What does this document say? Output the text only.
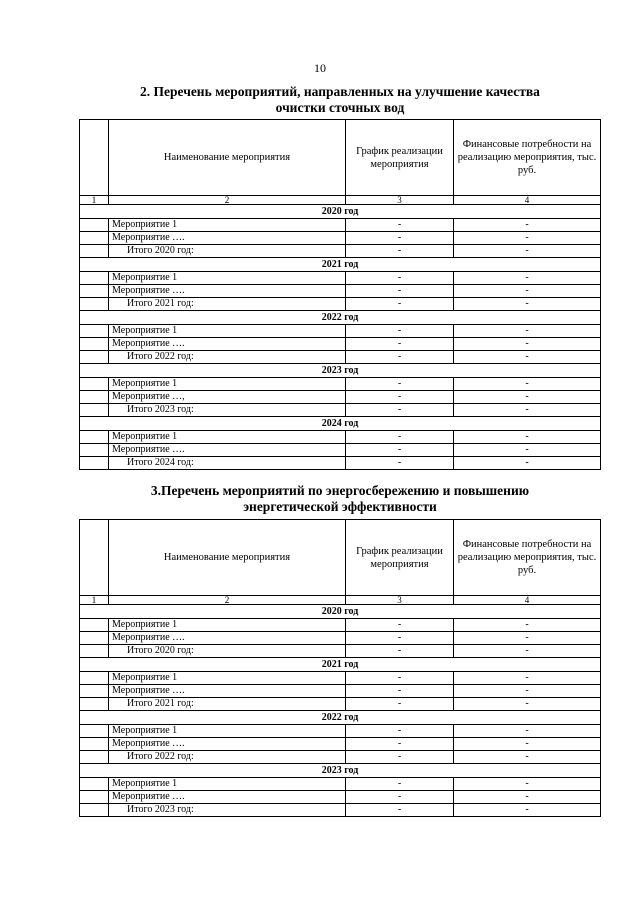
10
2. Перечень мероприятий, направленных на улучшение качества
очистки сточных вод
	Наименование мероприятия	График реализации мероприятия	Финансовые потребности на реализацию мероприятия, тыс. руб.
1	2	3	4
2020 год			
	Мероприятие 1	-	-
	Мероприятие ….	-	-
	Итого 2020 год:	-	-
2021 год			
	Мероприятие 1	-	-
	Мероприятие ….	-	-
	Итого 2021 год:	-	-
2022 год			
	Мероприятие 1	-	-
	Мероприятие ….	-	-
	Итого 2022 год:	-	-
2023 год			
	Мероприятие 1	-	-
	Мероприятие …,	-	-
	Итого 2023 год:	-	-
2024 год			
	Мероприятие 1	-	-
	Мероприятие ….	-	-
	Итого 2024 год:	-	-
3.Перечень мероприятий по энергосбережению и повышению
энергетической эффективности
	Наименование мероприятия	График реализации мероприятия	Финансовые потребности на реализацию мероприятия, тыс. руб.
1	2	3	4
2020 год			
	Мероприятие 1	-	-
	Мероприятие ….	-	-
	Итого 2020 год:	-	-
2021 год			
	Мероприятие 1	-	-
	Мероприятие ….	-	-
	Итого 2021 год:	-	-
2022 год			
	Мероприятие 1	-	-
	Мероприятие ….	-	-
	Итого 2022 год:	-	-
2023 год			
	Мероприятие 1	-	-
	Мероприятие ….	-	-
	Итого 2023 год:	-	-
